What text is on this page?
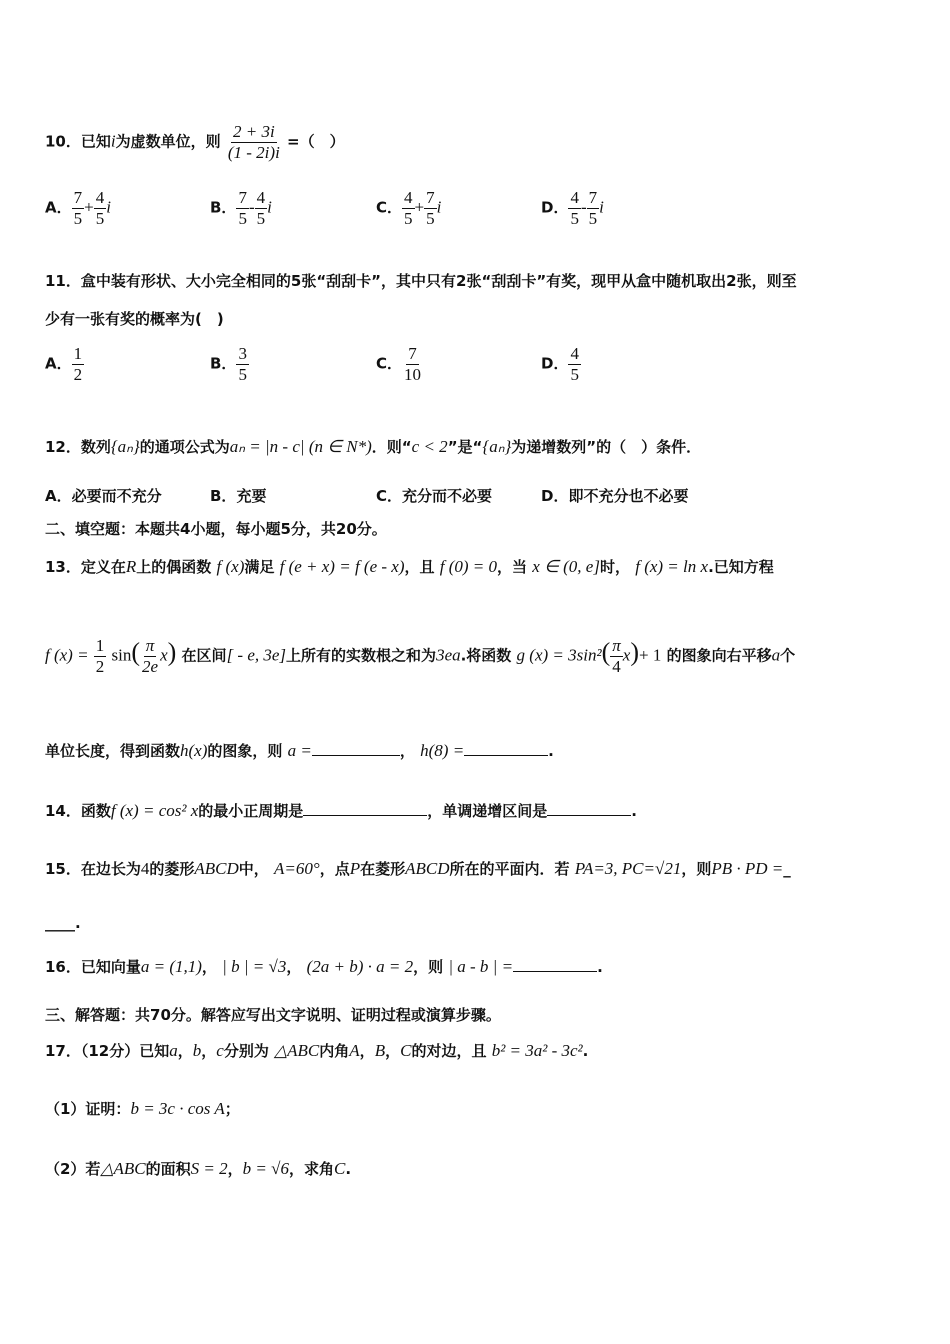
10．已知i为虚数单位，则 $\frac{2 + 3i}{(1 - 2i)i}$ =（　）
A． $\frac{7}{5} + \frac{4}{5}$ i	B． $\frac{7}{5} - \frac{4}{5}$ i	C． $\frac{4}{5} + \frac{7}{5}$ i	D． $\frac{4}{5} - \frac{7}{5}$ i
11．盒中装有形状、大小完全相同的5张“刮刮卡”，其中只有2张“刮刮卡”有奖，现甲从盒中随机取出2张，则至
少有一张有奖的概率为(　)
A． $\frac{1}{2}$	B． $\frac{3}{5}$	C． $\frac{7}{10}$	D． $\frac{4}{5}$
12．数列{aₙ}的通项公式为aₙ = |n - c| (n ∈ N*)．则“c < 2”是“{aₙ}为递增数列”的（　）条件．
A．必要而不充分	B．充要	C．充分而不必要	D．即不充分也不必要
二、填空题：本题共4小题，每小题5分，共20分。
13．定义在R上的偶函数 f (x)满足 f (e + x) = f (e - x)，且 f (0) = 0，当 x ∈ (0, e]时， f (x) = ln x.已知方程
f $(x) = \frac{1}{2} \sin( \frac{\pi}{2e} x)$ 在区间[ - e, 3e]上所有的实数根之和为3ea.将函数 g $(x) = 3\sin^2( \frac{\pi}{4} x)+ 1$ 的图象向右平移a个
单位长度，得到函数h(x)的图象，则 a =	， h(8) =	.
14．函数f (x) = cos² x的最小正周期是	，单调递增区间是	.
15．在边长为4的菱形ABCD中， A=60°，点P在菱形ABCD所在的平面内．若 PA=3, PC=√21，则PB · PD =_
____.
16．已知向量a = (1,1)， | b | = √3， (2a + b) · a = 2，则 | a - b | =	.
三、解答题：共70分。解答应写出文字说明、证明过程或演算步骤。
17．（12分）已知a，b，c分别为 △ABC内角A，B，C的对边，且 b² = 3a² - 3c².
（1）证明：b = 3c · cos A；
（2）若△ABC的面积S = 2，b = √6，求角C.
